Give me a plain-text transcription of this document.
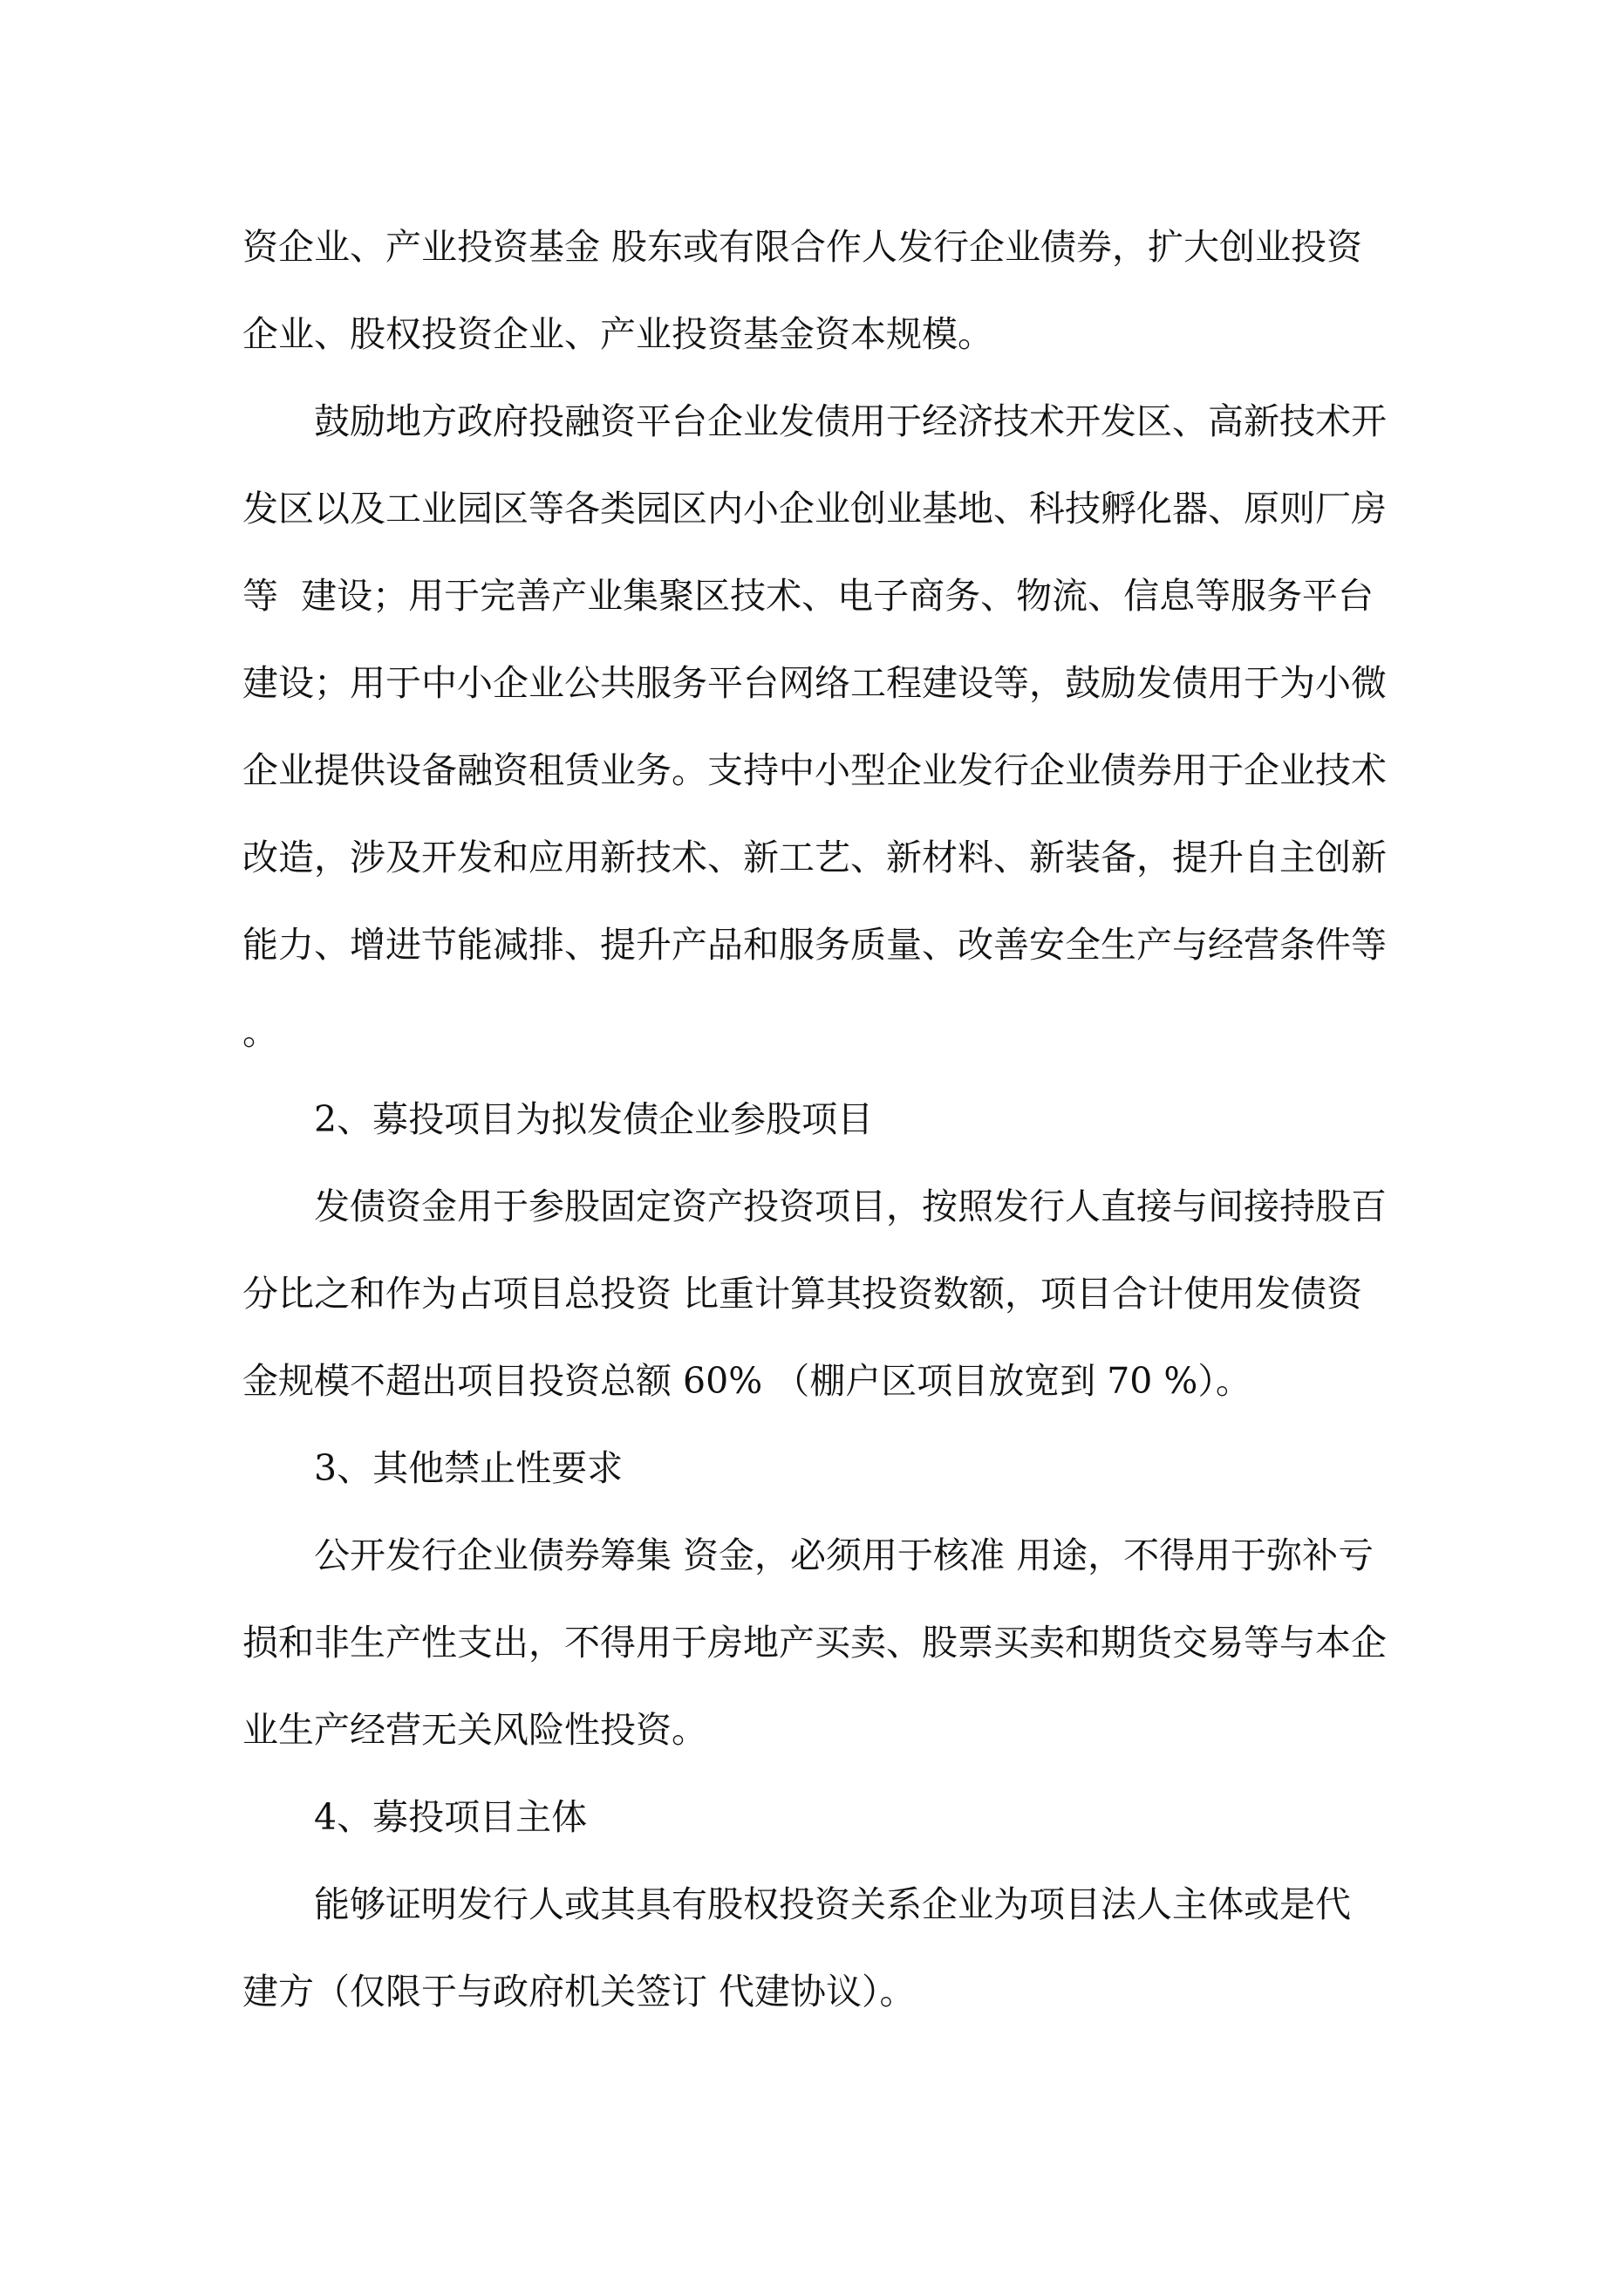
资企业、产业投资基金 股东或有限合作人发行企业债券，扩大创业投资
企业、股权投资企业、产业投资基金资本规模。
鼓励地方政府投融资平台企业发债用于经济技术开发区、高新技术开
发区以及工业园区等各类园区内小企业创业基地、科技孵化器、原则厂房
等  建设；用于完善产业集聚区技术、电子商务、物流、信息等服务平台
建设；用于中小企业公共服务平台网络工程建设等，鼓励发债用于为小微
企业提供设备融资租赁业务。支持中小型企业发行企业债券用于企业技术
改造，涉及开发和应用新技术、新工艺、新材料、新装备，提升自主创新
能力、增进节能减排、提升产品和服务质量、改善安全生产与经营条件等
。
2、募投项目为拟发债企业参股项目
发债资金用于参股固定资产投资项目，按照发行人直接与间接持股百
分比之和作为占项目总投资 比重计算其投资数额，项目合计使用发债资
金规模不超出项目投资总额 60% （棚户区项目放宽到 70 %）。
3、其他禁止性要求
公开发行企业债券筹集 资金，必须用于核准 用途，不得用于弥补亏
损和非生产性支出，不得用于房地产买卖、股票买卖和期货交易等与本企
业生产经营无关风险性投资。
4、募投项目主体
能够证明发行人或其具有股权投资关系企业为项目法人主体或是代
建方（仅限于与政府机关签订 代建协议）。
